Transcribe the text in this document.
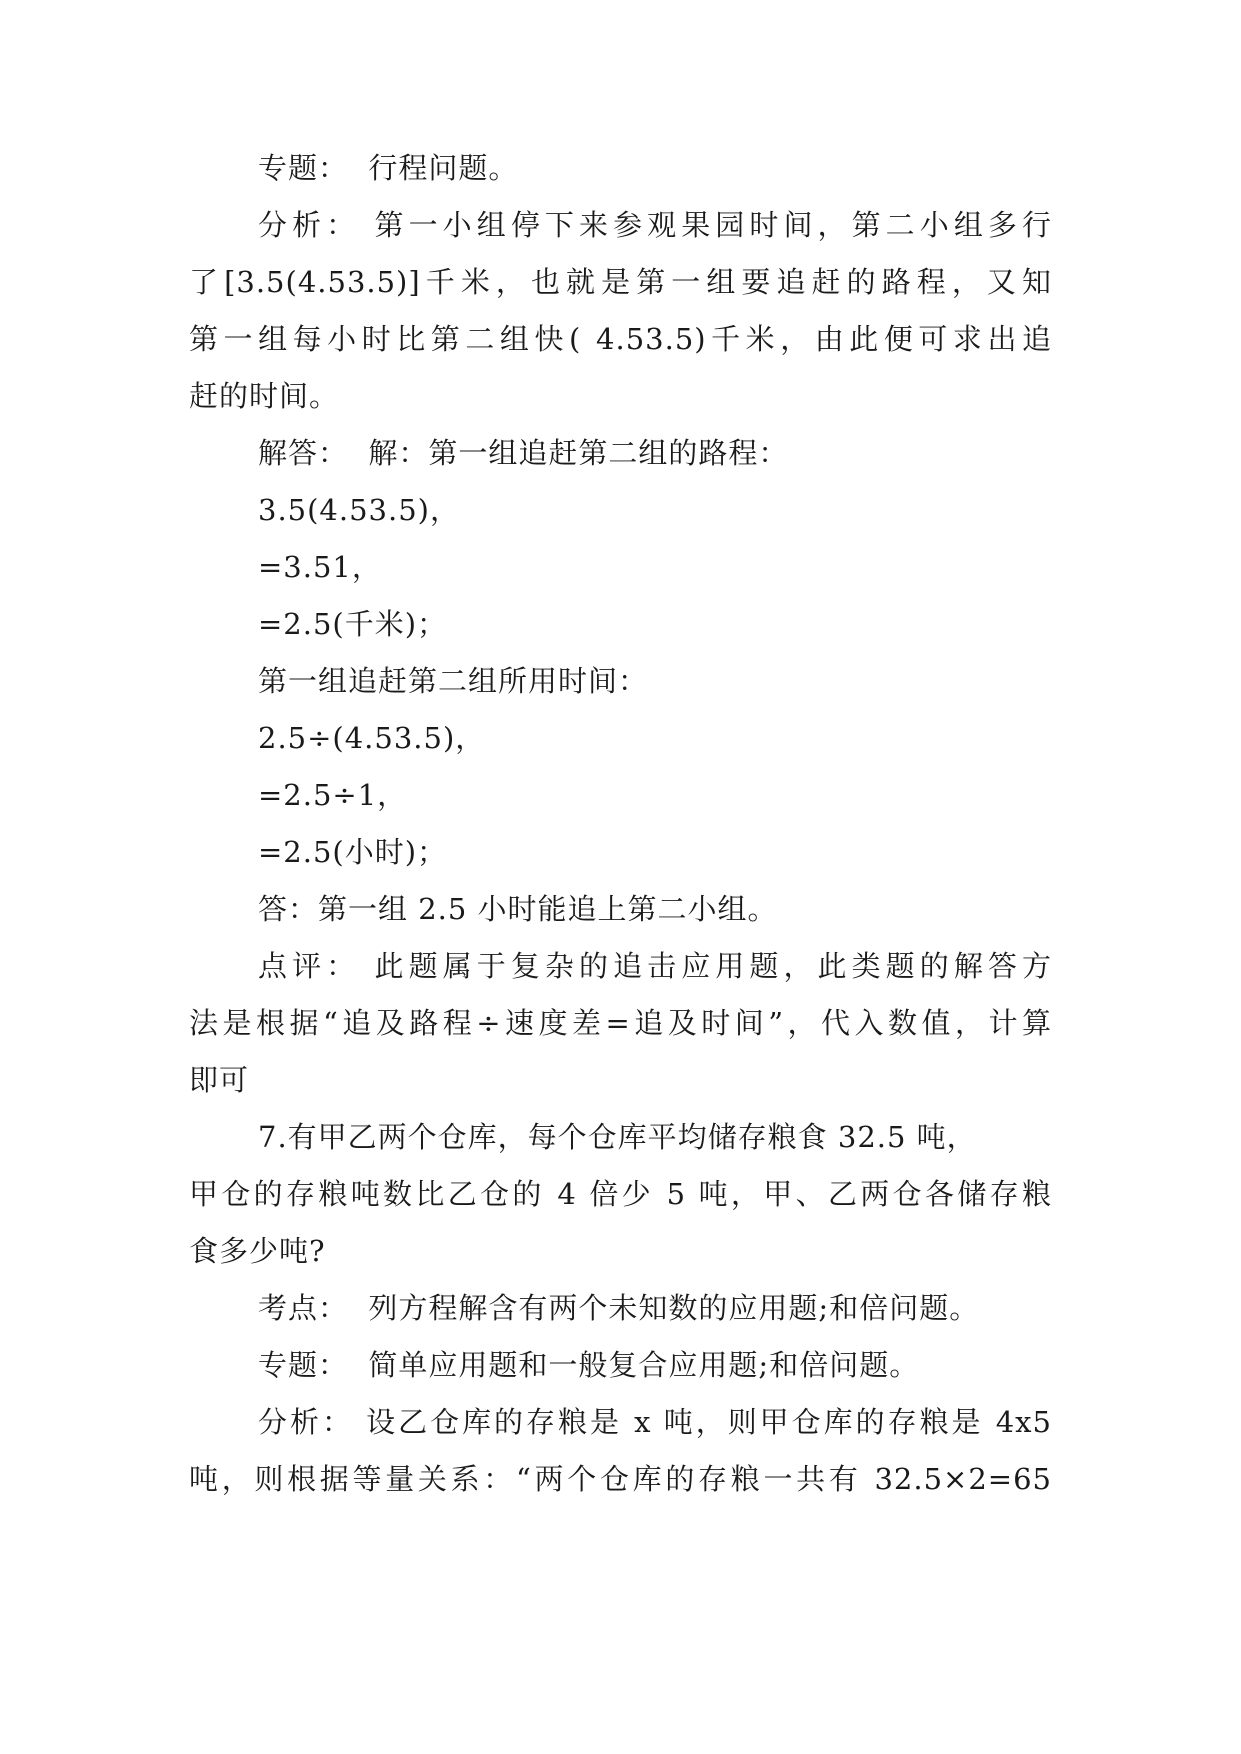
专题：  行程问题。

分析： 第一小组停下来参观果园时间，第二小组多行

了[3.5(4.53.5)]千米，也就是第一组要追赶的路程，又知

第一组每小时比第二组快( 4.53.5)千米，由此便可求出追

赶的时间。

解答：  解：第一组追赶第二组的路程：

3.5(4.53.5)，

=3.51，

=2.5(千米)；

第一组追赶第二组所用时间：

2.5÷(4.53.5)，

=2.5÷1，

=2.5(小时)；

答：第一组 2.5 小时能追上第二小组。

点评： 此题属于复杂的追击应用题，此类题的解答方

法是根据“追及路程÷速度差=追及时间”，代入数值，计算

即可

7.有甲乙两个仓库，每个仓库平均储存粮食 32.5 吨，

甲仓的存粮吨数比乙仓的 4 倍少 5 吨，甲、乙两仓各储存粮

食多少吨?

考点：  列方程解含有两个未知数的应用题;和倍问题。

专题：  简单应用题和一般复合应用题;和倍问题。

分析： 设乙仓库的存粮是 x 吨，则甲仓库的存粮是 4x5

吨，则根据等量关系：“两个仓库的存粮一共有 32.5×2=65
